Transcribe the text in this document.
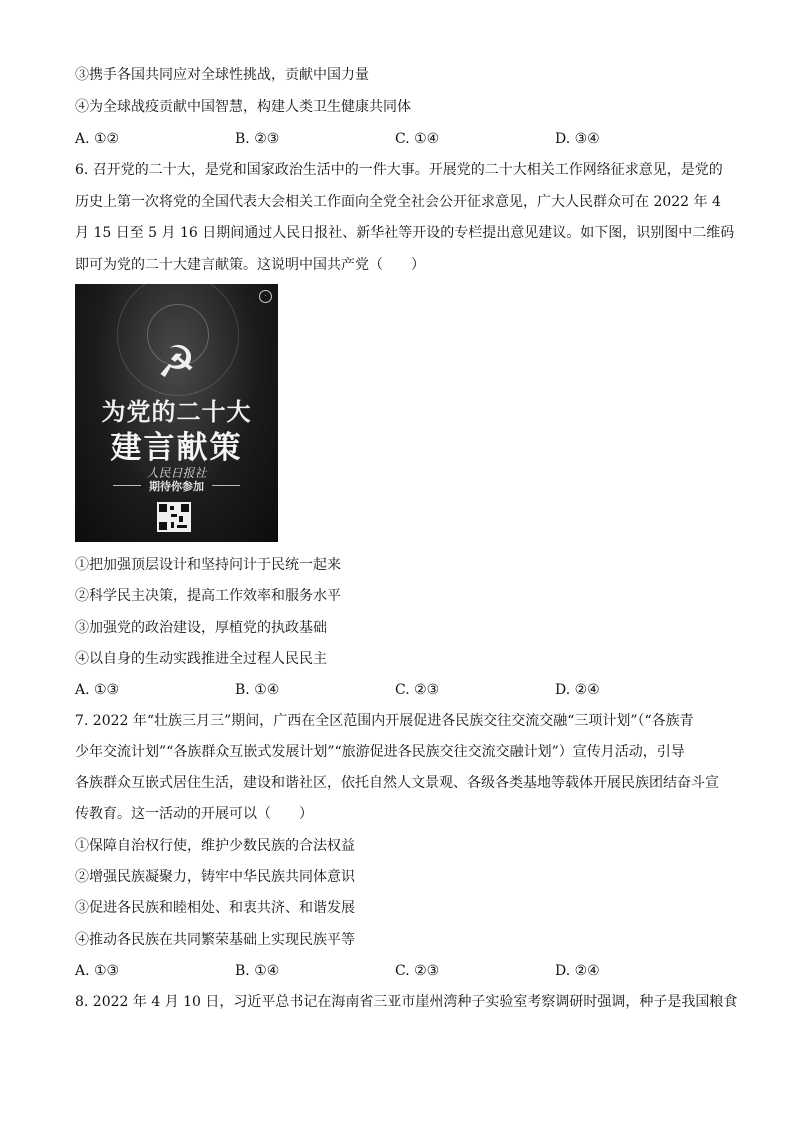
③携手各国共同应对全球性挑战，贡献中国力量
④为全球战疫贡献中国智慧，构建人类卫生健康共同体
A. ①②	B. ②③	C. ①④	D. ③④
6. 召开党的二十大，是党和国家政治生活中的一件大事。开展党的二十大相关工作网络征求意见，是党的
历史上第一次将党的全国代表大会相关工作面向全党全社会公开征求意见，广大人民群众可在 2022 年 4
月 15 日至 5 月 16 日期间通过人民日报社、新华社等开设的专栏提出意见建议。如下图，识别图中二维码
即可为党的二十大建言献策。这说明中国共产党（　　）
·
☭
为党的二十大
建言献策
人民日报社
期待你参加
①把加强顶层设计和坚持问计于民统一起来
②科学民主决策，提高工作效率和服务水平
③加强党的政治建设，厚植党的执政基础
④以自身的生动实践推进全过程人民民主
A. ①③	B. ①④	C. ②③	D. ②④
7. 2022 年“壮族三月三”期间，广西在全区范围内开展促进各民族交往交流交融“三项计划”（“各族青
少年交流计划”“各族群众互嵌式发展计划”“旅游促进各民族交往交流交融计划”）宣传月活动，引导
各族群众互嵌式居住生活，建设和谐社区，依托自然人文景观、各级各类基地等载体开展民族团结奋斗宣
传教育。这一活动的开展可以（　　）
①保障自治权行使，维护少数民族的合法权益
②增强民族凝聚力，铸牢中华民族共同体意识
③促进各民族和睦相处、和衷共济、和谐发展
④推动各民族在共同繁荣基础上实现民族平等
A. ①③	B. ①④	C. ②③	D. ②④
8. 2022 年 4 月 10 日，习近平总书记在海南省三亚市崖州湾种子实验室考察调研时强调，种子是我国粮食
